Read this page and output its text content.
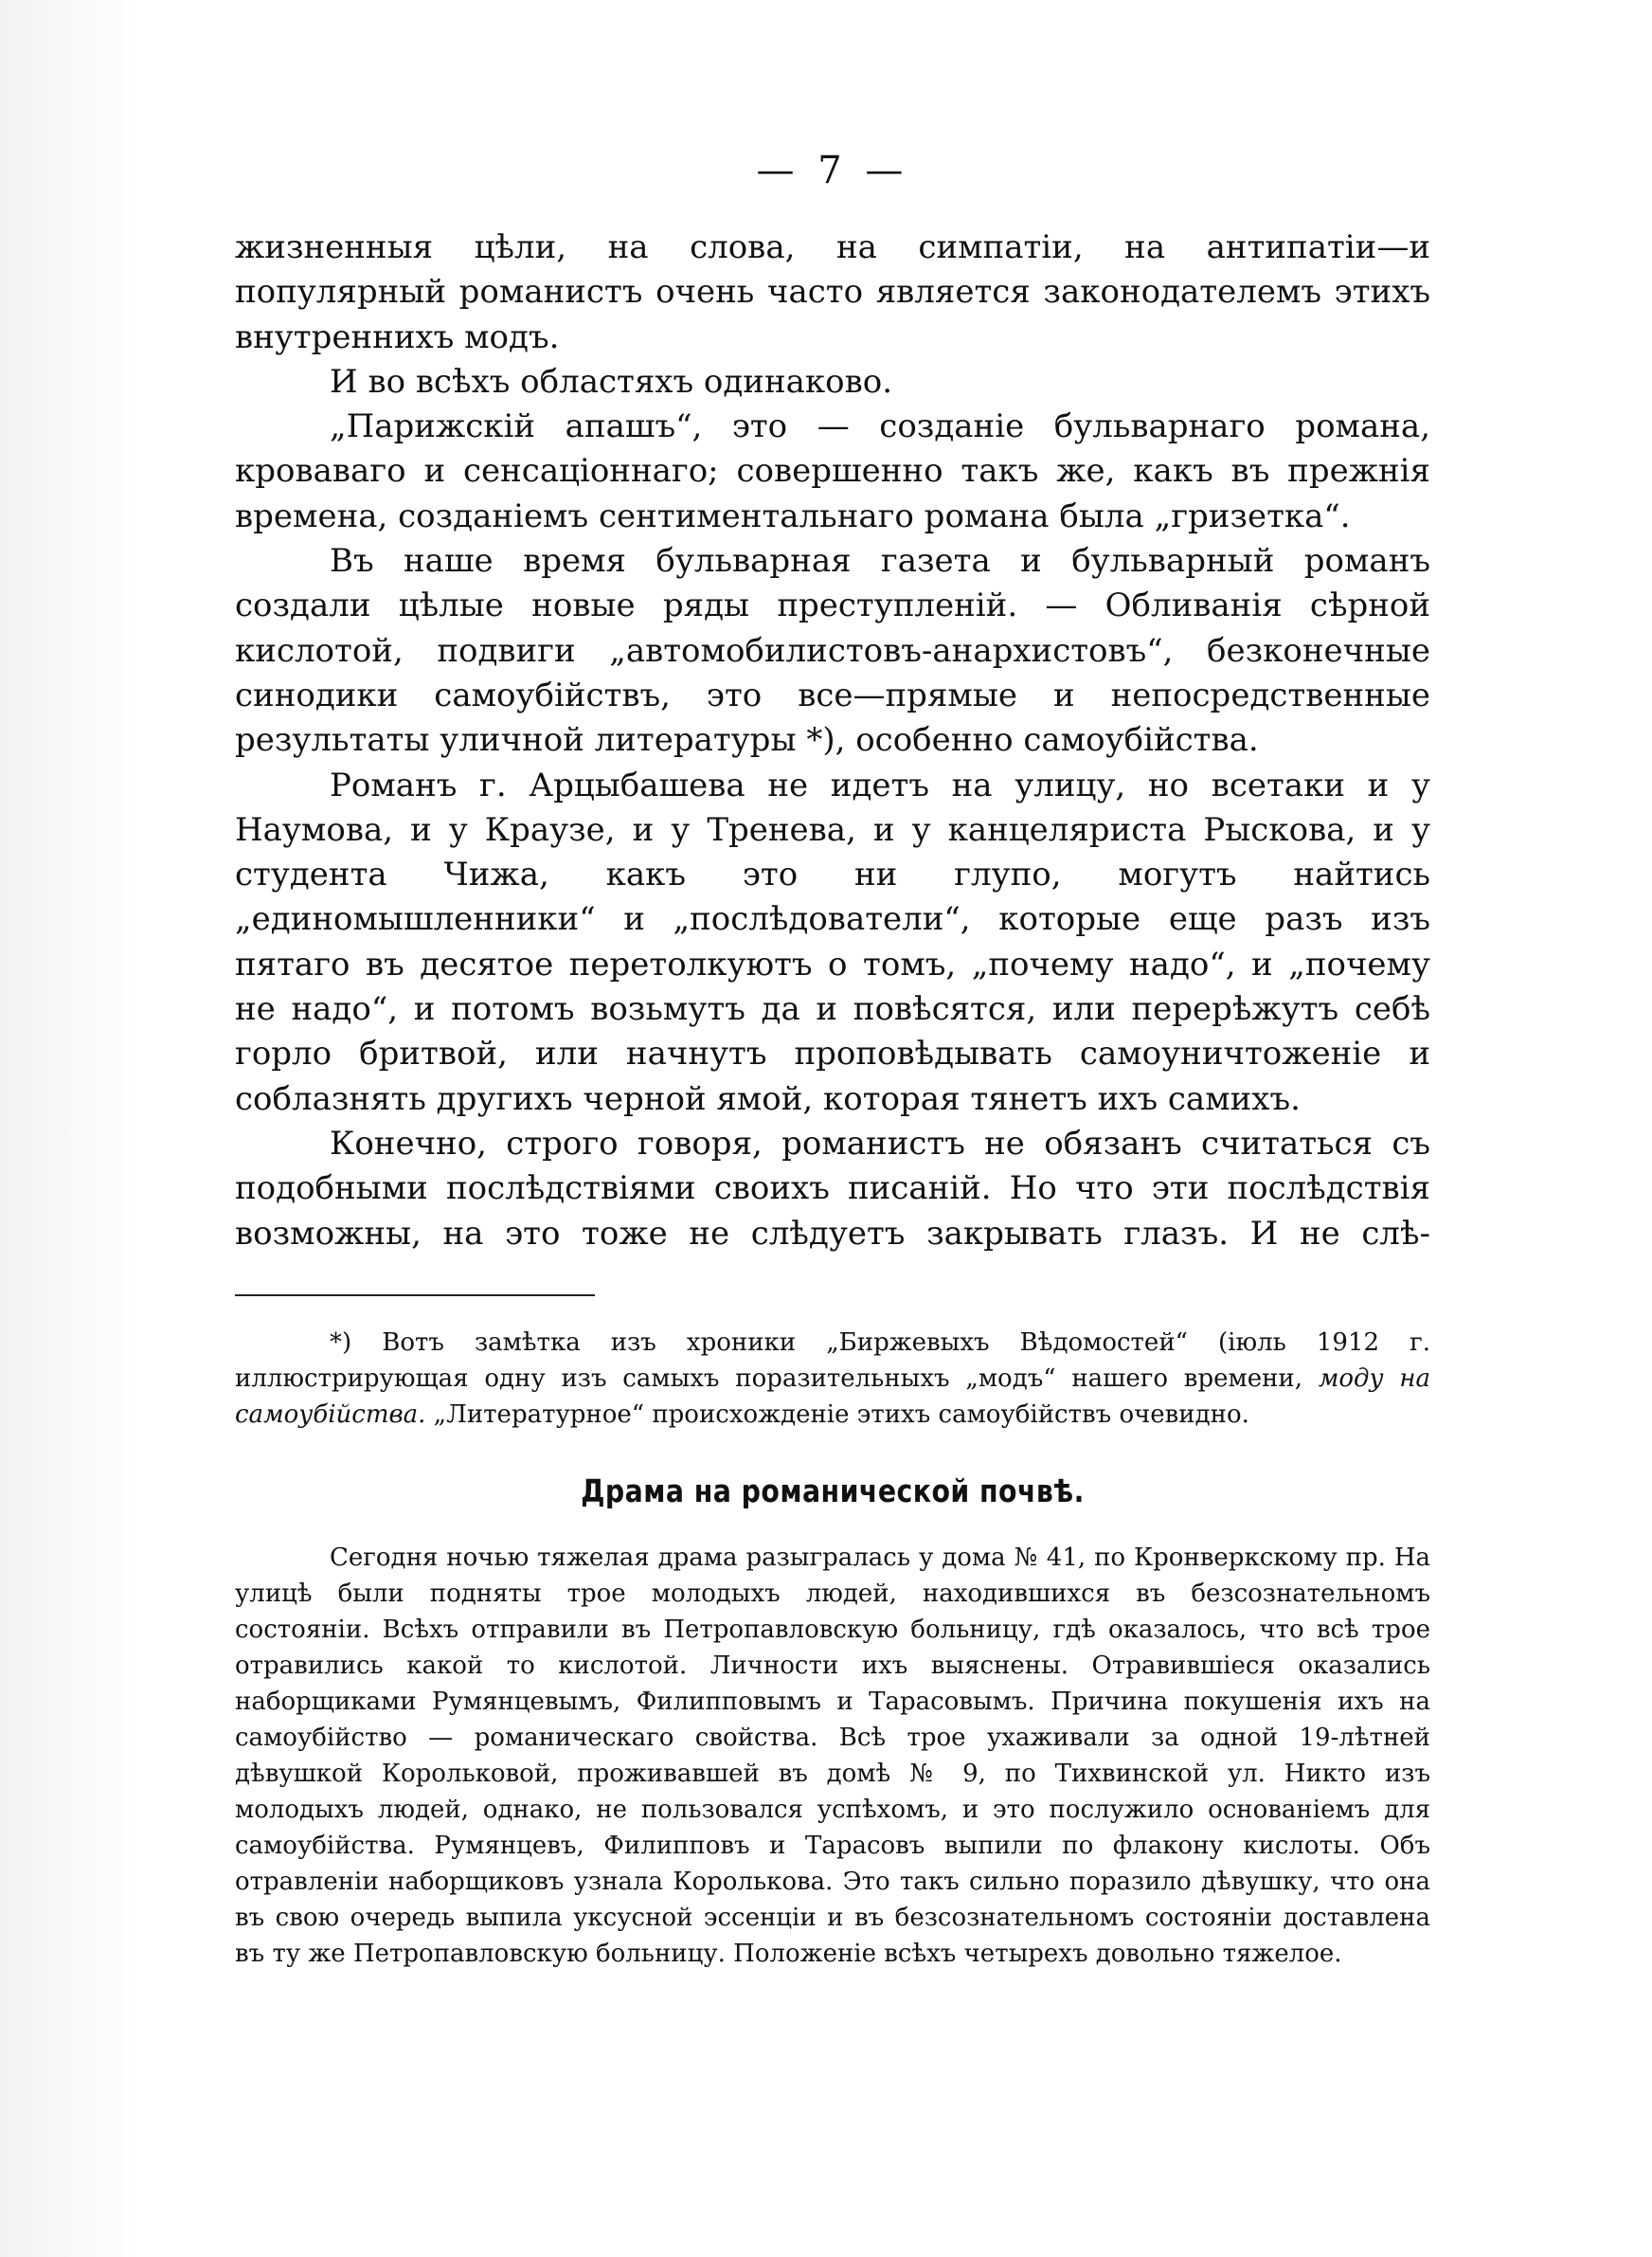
— 7 —

жизненныя цѣли, на слова, на симпатіи, на антипатіи—и популярный романистъ очень часто является законодателемъ этихъ внутреннихъ модъ.

И во всѣхъ областяхъ одинаково.

„Парижскій апашъ“, это — созданіе бульварнаго романа, кроваваго и сенсаціоннаго; совершенно такъ же, какъ въ прежнія времена, созданіемъ сентиментальнаго романа была „гризетка“.

Въ наше время бульварная газета и бульварный романъ создали цѣлые новые ряды преступленій. — Обливанія сѣрной кислотой, подвиги „автомобилистовъ-анархистовъ“, безконечные синодики самоубійствъ, это все—прямые и непосредственные результаты уличной литературы *), особенно самоубійства.

Романъ г. Арцыбашева не идетъ на улицу, но всетаки и у Наумова, и у Краузе, и у Тренева, и у канцеляриста Рыскова, и у студента Чижа, какъ это ни глупо, могутъ найтись „единомышленники“ и „послѣдователи“, которые еще разъ изъ пятаго въ десятое перетолкуютъ о томъ, „почему надо“, и „почему не надо“, и потомъ возьмутъ да и повѣсятся, или перерѣжутъ себѣ горло бритвой, или начнутъ проповѣдывать самоуничтоженіе и соблазнять другихъ черной ямой, которая тянетъ ихъ самихъ.

Конечно, строго говоря, романистъ не обязанъ считаться съ подобными послѣдствіями своихъ писаній. Но что эти послѣдствія возможны, на это тоже не слѣдуетъ закрывать глазъ. И не слѣ-

*) Вотъ замѣтка изъ хроники „Биржевыхъ Вѣдомостей“ (іюль 1912 г. иллюстрирующая одну изъ самыхъ поразительныхъ „модъ“ нашего времени, моду на самоубійства. „Литературное“ происхожденіе этихъ самоубійствъ очевидно.

Драма на романической почвѣ.

Сегодня ночью тяжелая драма разыгралась у дома № 41, по Кронверкскому пр. На улицѣ были подняты трое молодыхъ людей, находившихся въ безсознательномъ состояніи. Всѣхъ отправили въ Петропавловскую больницу, гдѣ оказалось, что всѣ трое отравились какой то кислотой. Личности ихъ выяснены. Отравившіеся оказались наборщиками Румянцевымъ, Филипповымъ и Тарасовымъ. Причина покушенія ихъ на самоубійство — романическаго свойства. Всѣ трое ухаживали за одной 19-лѣтней дѣвушкой Корольковой, проживавшей въ домѣ № 9, по Тихвинской ул. Никто изъ молодыхъ людей, однако, не пользовался успѣхомъ, и это послужило основаніемъ для самоубійства. Румянцевъ, Филипповъ и Тарасовъ выпили по флакону кислоты. Объ отравленіи наборщиковъ узнала Королькова. Это такъ сильно поразило дѣвушку, что она въ свою очередь выпила уксусной эссенціи и въ безсознательномъ состояніи доставлена въ ту же Петропавловскую больницу. Положеніе всѣхъ четырехъ довольно тяжелое.
